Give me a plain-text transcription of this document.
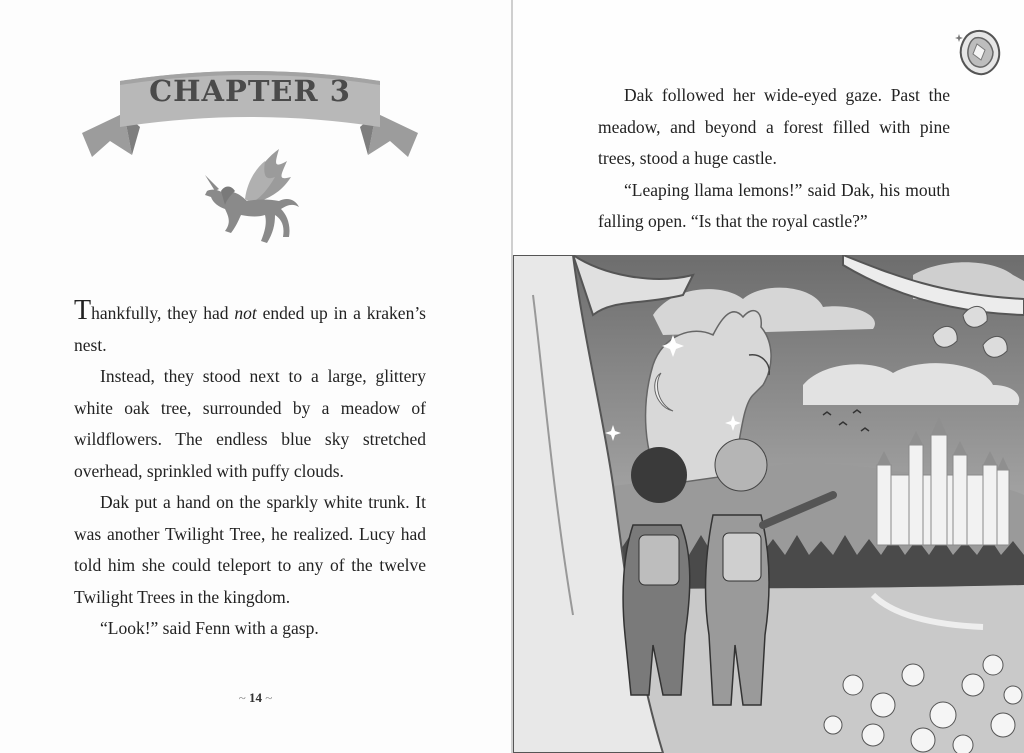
CHAPTER 3

Thankfully, they had not ended up in a kraken’s nest.

Instead, they stood next to a large, glittery white oak tree, surrounded by a meadow of wildflowers. The endless blue sky stretched overhead, sprinkled with puffy clouds.

Dak put a hand on the sparkly white trunk. It was another Twilight Tree, he realized. Lucy had told him she could teleport to any of the twelve Twilight Trees in the kingdom.

“Look!” said Fenn with a gasp.

~ 14 ~

Dak followed her wide-eyed gaze. Past the meadow, and beyond a forest filled with pine trees, stood a huge castle.

“Leaping llama lemons!” said Dak, his mouth falling open. “Is that the royal castle?”
